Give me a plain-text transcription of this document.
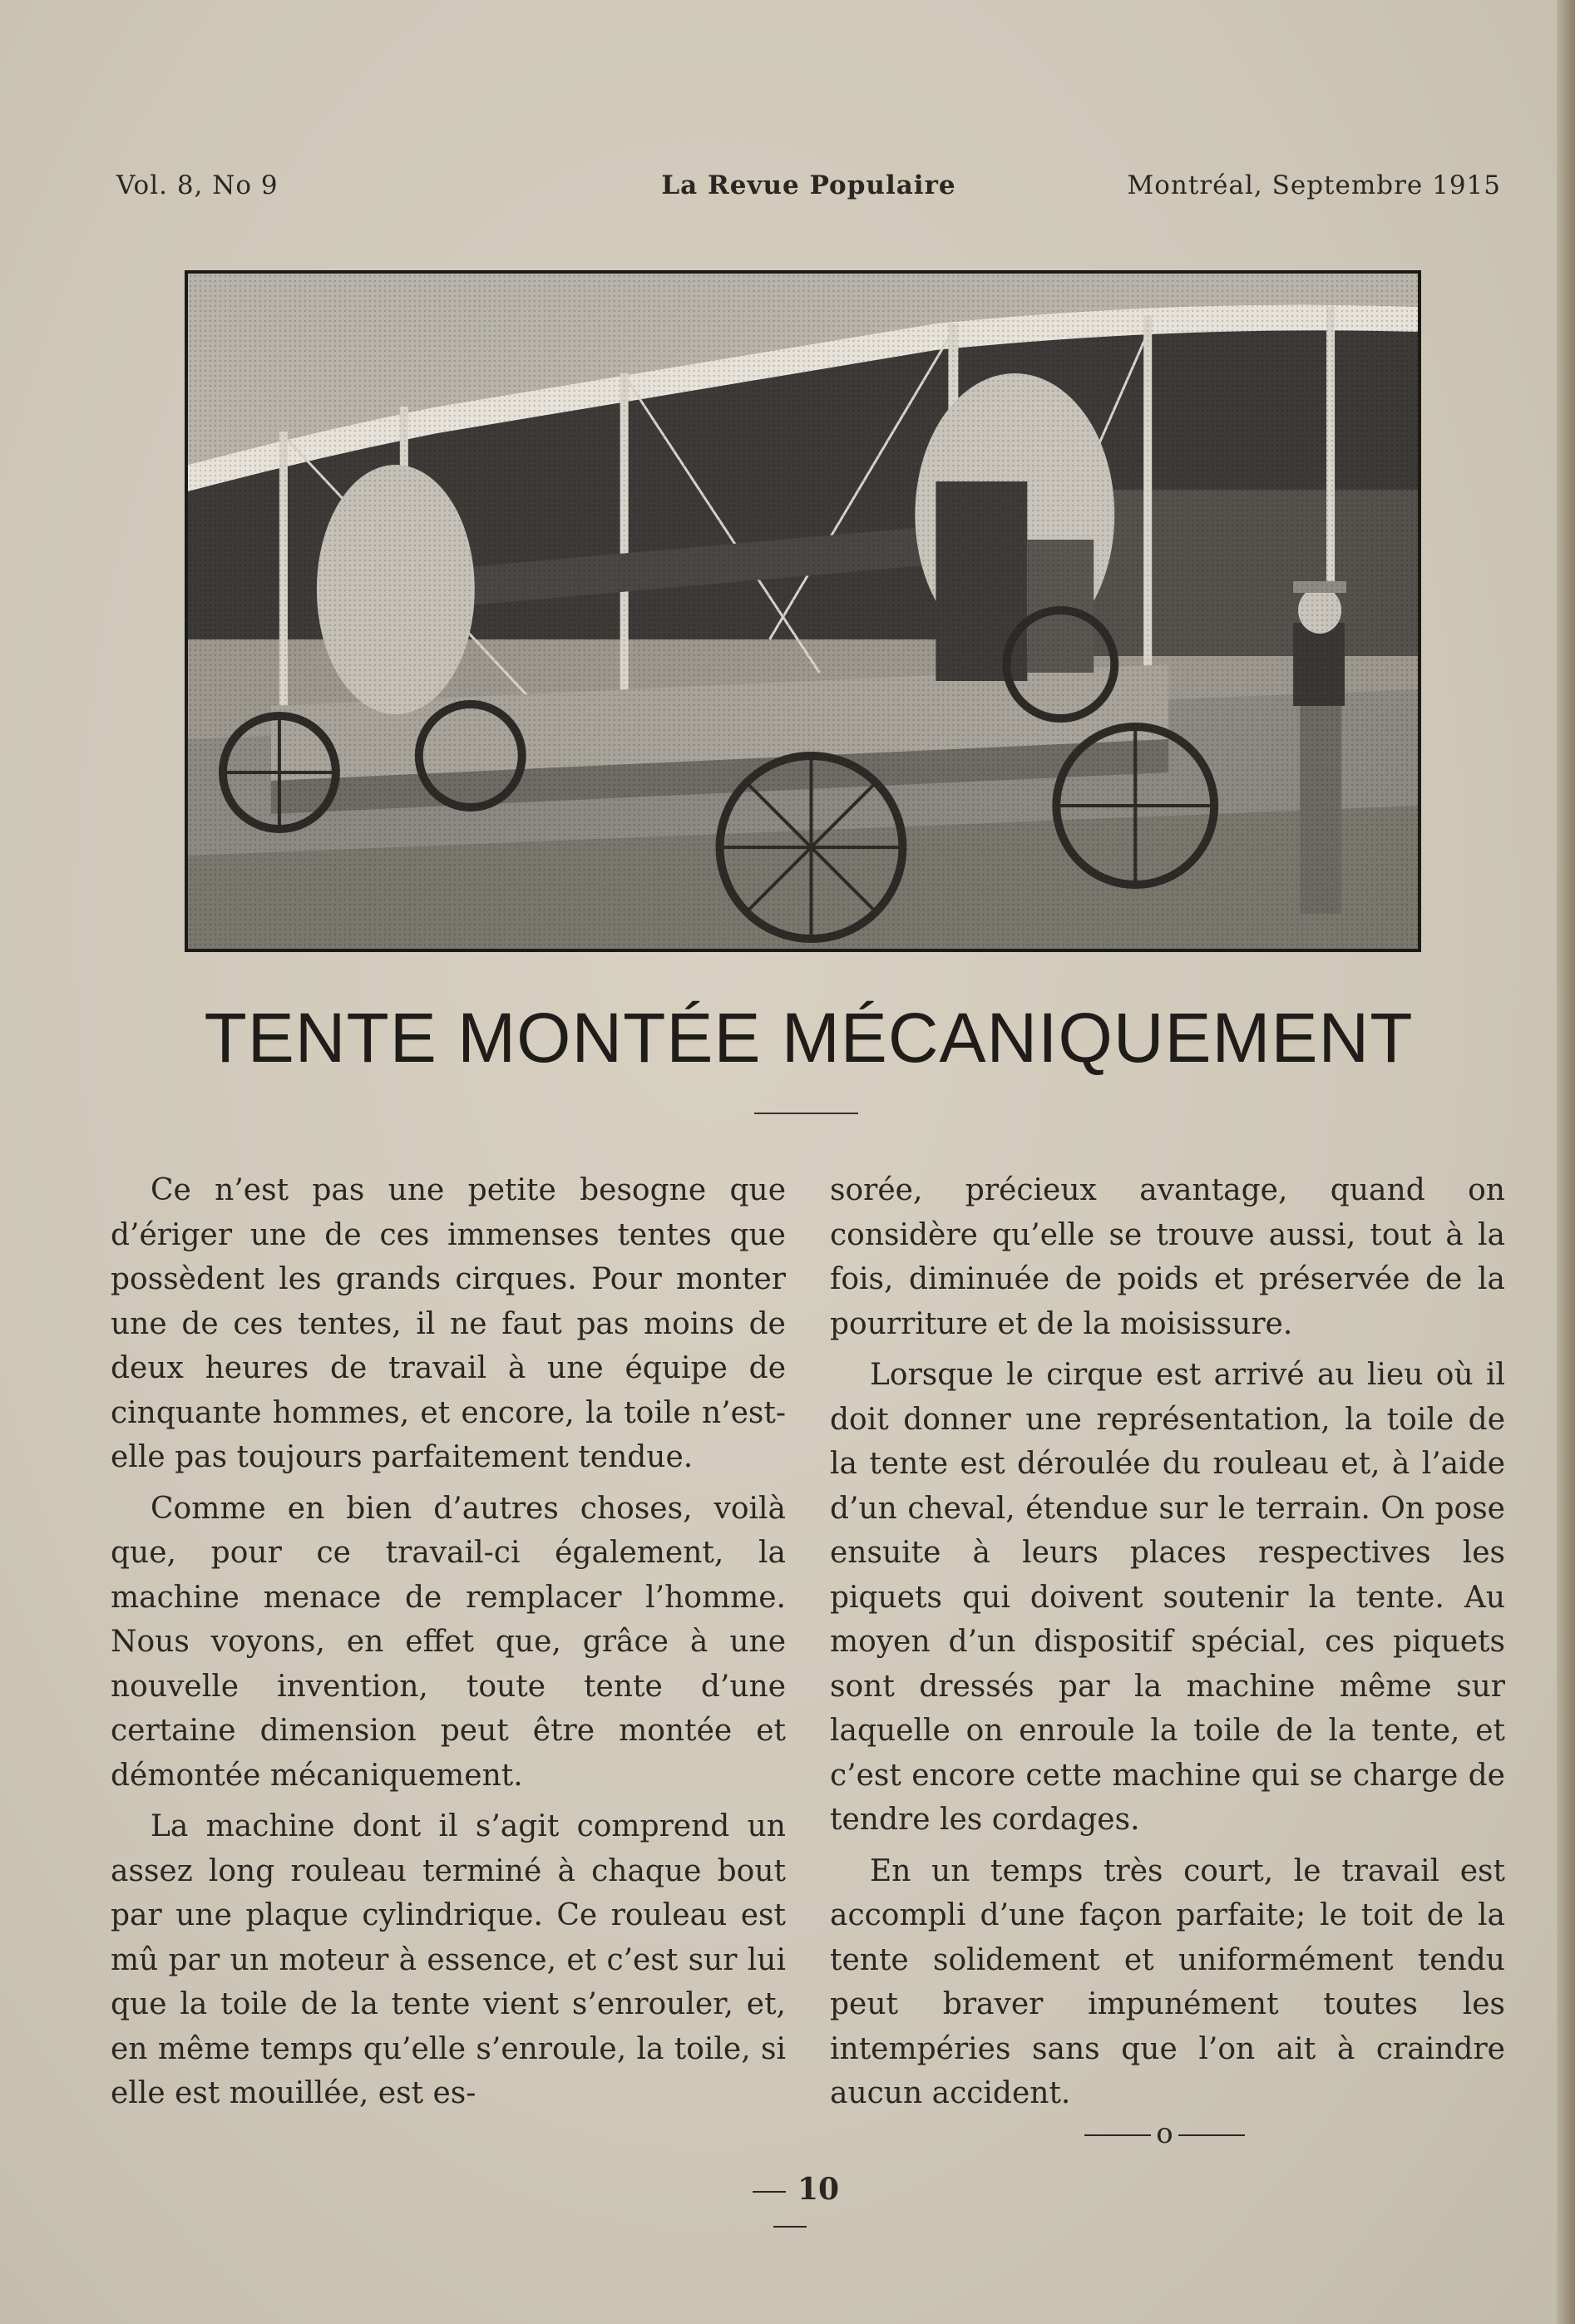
Vol. 8, No 9	La Revue Populaire	Montréal, Septembre 1915
TENTE MONTÉE MÉCANIQUEMENT

Ce n’est pas une petite besogne que d’ériger une de ces immenses tentes que possèdent les grands cirques. Pour monter une de ces tentes, il ne faut pas moins de deux heures de travail à une équipe de cinquante hommes, et encore, la toile n’est-elle pas toujours parfaitement tendue.

Comme en bien d’autres choses, voilà que, pour ce travail-ci également, la machine menace de remplacer l’homme. Nous voyons, en effet que, grâce à une nouvelle invention, toute tente d’une certaine dimension peut être montée et démontée mécaniquement.

La machine dont il s’agit comprend un assez long rouleau terminé à chaque bout par une plaque cylindrique. Ce rouleau est mû par un moteur à essence, et c’est sur lui que la toile de la tente vient s’enrouler, et, en même temps qu’elle s’enroule, la toile, si elle est mouillée, est es-

sorée, précieux avantage, quand on considère qu’elle se trouve aussi, tout à la fois, diminuée de poids et préservée de la pourriture et de la moisissure.

Lorsque le cirque est arrivé au lieu où il doit donner une représentation, la toile de la tente est déroulée du rouleau et, à l’aide d’un cheval, étendue sur le terrain. On pose ensuite à leurs places respectives les piquets qui doivent soutenir la tente. Au moyen d’un dispositif spécial, ces piquets sont dressés par la machine même sur laquelle on enroule la toile de la tente, et c’est encore cette machine qui se charge de tendre les cordages.

En un temps très court, le travail est accompli d’une façon parfaite; le toit de la tente solidement et uniformément tendu peut braver impunément toutes les intempéries sans que l’on ait à craindre aucun accident.

o
10
